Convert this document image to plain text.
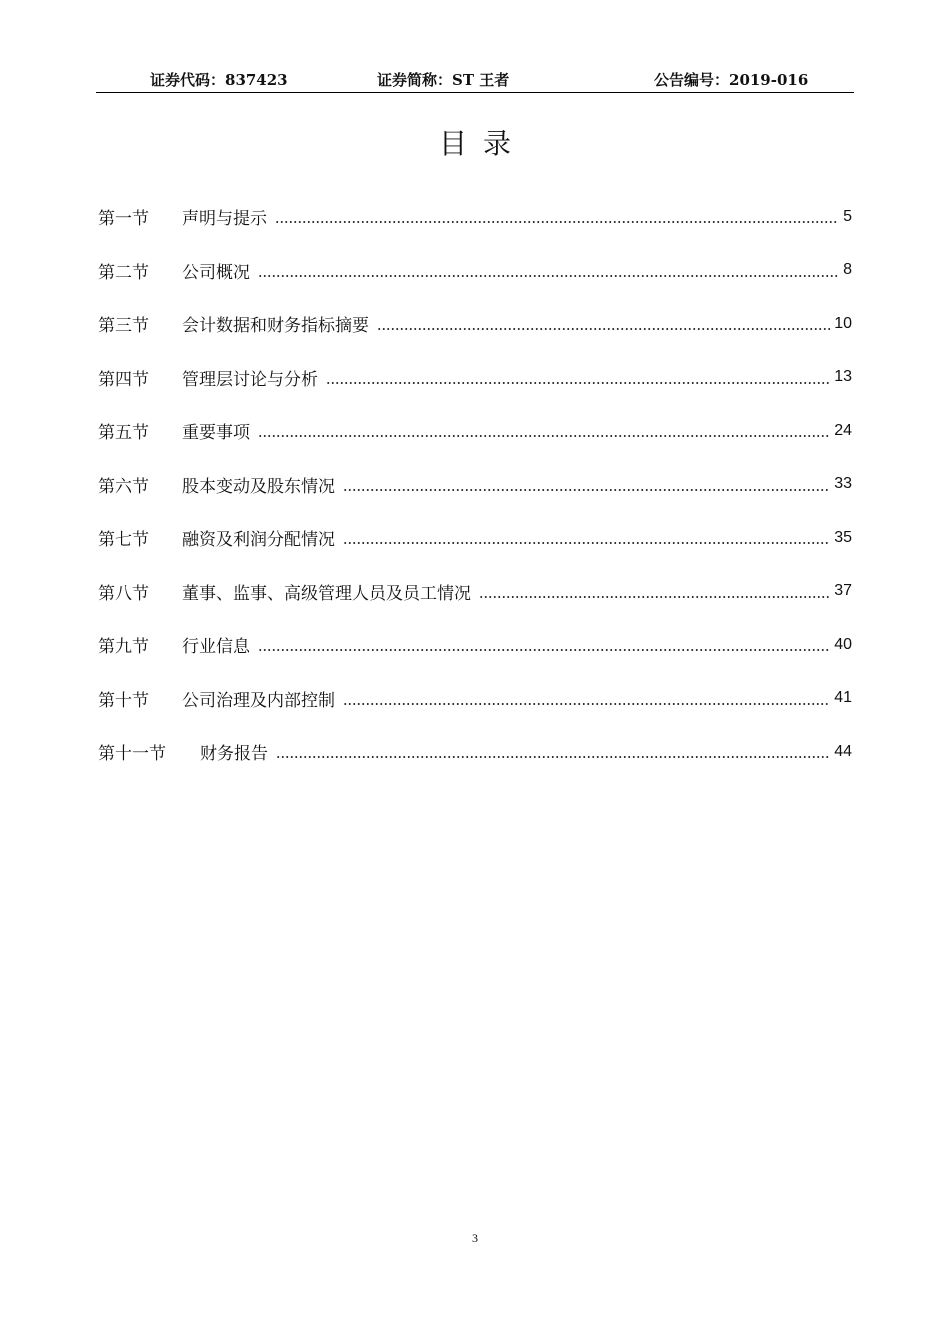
证券代码：837423	证券简称：ST 王者	公告编号：2019-016
目录
第一节	声明与提示	5
第二节	公司概况	8
第三节	会计数据和财务指标摘要	10
第四节	管理层讨论与分析	13
第五节	重要事项	24
第六节	股本变动及股东情况	33
第七节	融资及利润分配情况	35
第八节	董事、监事、高级管理人员及员工情况	37
第九节	行业信息	40
第十节	公司治理及内部控制	41
第十一节	财务报告	44
3
